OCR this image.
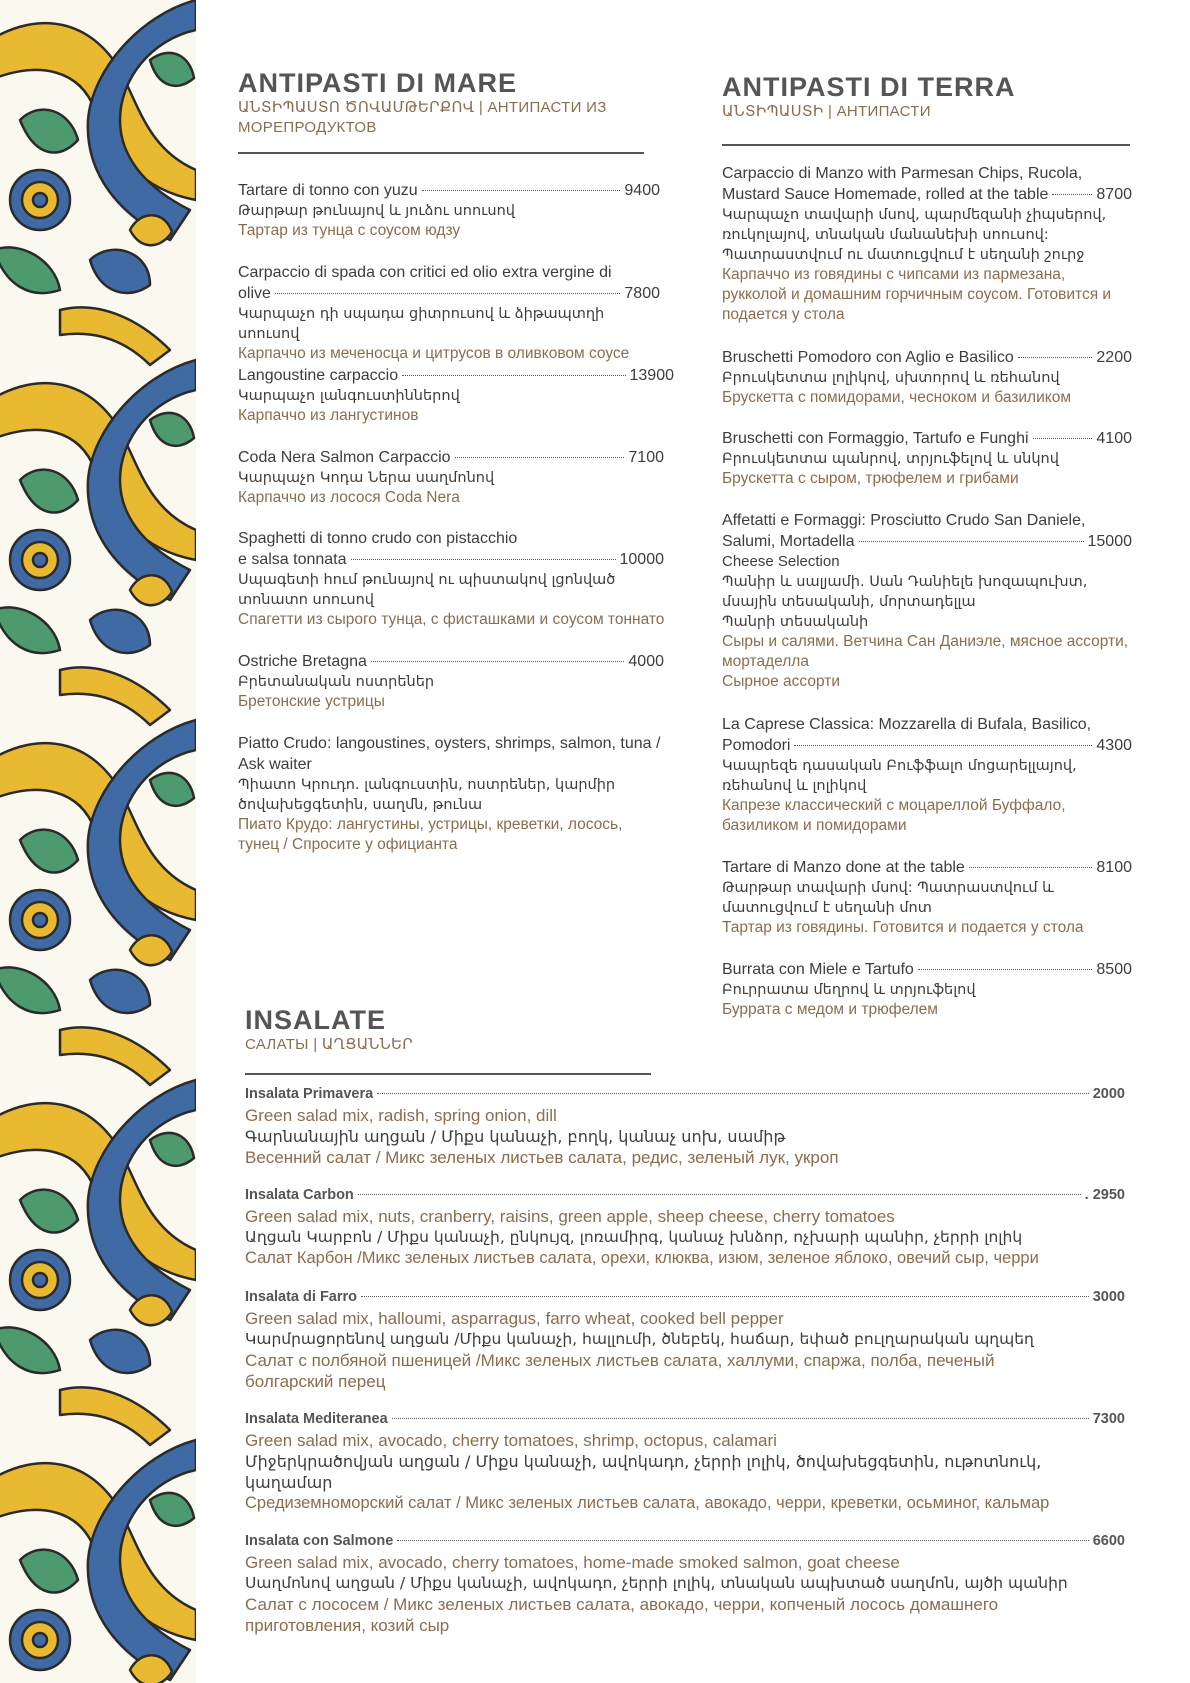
ANTIPASTI DI MARE
ԱՆՏԻՊԱՍՏՈ ԾՈՎԱՄԹԵՐՔՈՎ | АНТИПАСТИ ИЗ МОРЕПРОДУКТОВ
Tartare di tonno con yuzu	9400
Թարթար թունայով և յուձու սոուսով
Тартар из тунца с соусом юдзу
Carpaccio di spada con critici ed olio extra vergine di
olive	7800
Կարպաչո դի սպադա ցիտրուսով և ձիթապտղի սոուսով
Карпаччо из меченосца и цитрусов в оливковом соусе
Langoustine carpaccio	13900
Կարպաչո լանգուստիններով
Карпаччо из лангустинов
Coda Nera Salmon Carpaccio	7100
Կարպաչո Կոդա Ներա սաղմոնով
Карпаччо из лосося Coda Nera
Spaghetti di tonno crudo con pistacchio
e salsa tonnata	10000
Սպագետի հում թունայով ու պիստակով լցոնված տոնատո սոուսով
Спагетти из сырого тунца, с фисташками и соусом тоннато
Ostriche Bretagna	4000
Բրետանական ոստրեներ
Бретонские устрицы
Piatto Crudo: langoustines, oysters, shrimps, salmon, tuna / Ask waiter
Պիատո Կրուդո. լանգուստին, ոստրեներ, կարմիր ծովախեցգետին, սաղմն, թունա
Пиато Крудо: лангустины, устрицы, креветки, лосось, тунец / Спросите у официанта
ANTIPASTI DI TERRA
ԱՆՏԻՊԱՍՏԻ | АНТИПАСТИ
Carpaccio di Manzo with Parmesan Chips, Rucola,
Mustard Sauce Homemade, rolled at the table	8700
Կարպաչո տավարի մսով, պարմեզանի չիպսերով, ռուկոլայով, տնական մանանեխի սոուսով: Պատրաստվում ու մատուցվում է սեղանի շուրջ
Карпаччо из говядины с чипсами из пармезана, рукколой и домашним горчичным соусом. Готовится и подается у стола
Bruschetti Pomodoro con Aglio e Basilico	2200
Բրուսկետտա լոլիկով, սխտորով և ռեհանով
Брускетта с помидорами, чесноком и базиликом
Bruschetti con Formaggio, Tartufo e Funghi	4100
Բրուսկետտա պանրով, տրյուֆելով և սնկով
Брускетта с сыром, трюфелем и грибами
Affetatti e Formaggi: Prosciutto Crudo San Daniele,
Salumi, Mortadella	15000
Cheese Selection
Պանիր և սալյամի. Սան Դանիելե խոզապուխտ, մսային տեսականի, մորտադելլա
Պանրի տեսականի
Сыры и салями. Ветчина Сан Даниэле, мясное ассорти, мортаделла
Сырное ассорти
La Caprese Classica: Mozzarella di Bufala, Basilico,
Pomodori	4300
Կապրեզե դասական Բուֆֆալո մոցարելլայով, ռեհանով և լոլիկով
Капрезе классический с моцареллой Буффало, базиликом и помидорами
Tartare di Manzo done at the table	8100
Թարթար տավարի մսով: Պատրաստվում և մատուցվում է սեղանի մոտ
Тартар из говядины. Готовится и подается у стола
Burrata con Miele e Tartufo	8500
Բուրրատա մեղրով և տրյուֆելով
Буррата с медом и трюфелем
INSALATE
САЛАТЫ | ԱՂՑԱՆՆԵՐ
Insalata Primavera	2000
Green salad mix, radish, spring onion, dill
Գարնանային աղցան / Միքս կանաչի, բողկ, կանաչ սոխ, սամիթ
Весенний салат / Микс зеленых листьев салата, редис, зеленый лук, укроп
Insalata Carbon	. 2950
Green salad mix, nuts, cranberry, raisins, green apple, sheep cheese, cherry tomatoes
Աղցան Կարբոն / Միքս կանաչի, ընկույզ, լոռամիրգ, կանաչ խնձոր, ոչխարի պանիր, չերրի լոլիկ
Салат Карбон /Микс зеленых листьев салата, орехи, клюква, изюм, зеленое яблоко, овечий сыр, черри
Insalata di Farro	3000
Green salad mix, halloumi, asparragus, farro wheat, cooked bell pepper
Կարմրացորենով աղցան /Միքս կանաչի, հալլումի, ծնեբեկ, հաճար, եփած բուլղարական պղպեղ
Салат с полбяной пшеницей /Микс зеленых листьев салата, халлуми, спаржа, полба, печеный болгарский перец
Insalata Mediteranea	7300
Green salad mix, avocado, cherry tomatoes, shrimp, octopus, calamari
Միջերկրածովյան աղցան / Միքս կանաչի, ավոկադո, չերրի լոլիկ, ծովախեցգետին, ութոտնուկ, կաղամար
Средиземноморский салат / Микс зеленых листьев салата, авокадо, черри, креветки, осьминог, кальмар
Insalata con Salmone	6600
Green salad mix, avocado, cherry tomatoes, home-made smoked salmon, goat cheese
Սաղմոնով աղցան / Միքս կանաչի, ավոկադո, չերրի լոլիկ, տնական ապխտած սաղմոն, այծի պանիր
Салат с лососем / Микс зеленых листьев салата, авокадо, черри, копченый лосось домашнего приготовления, козий сыр
